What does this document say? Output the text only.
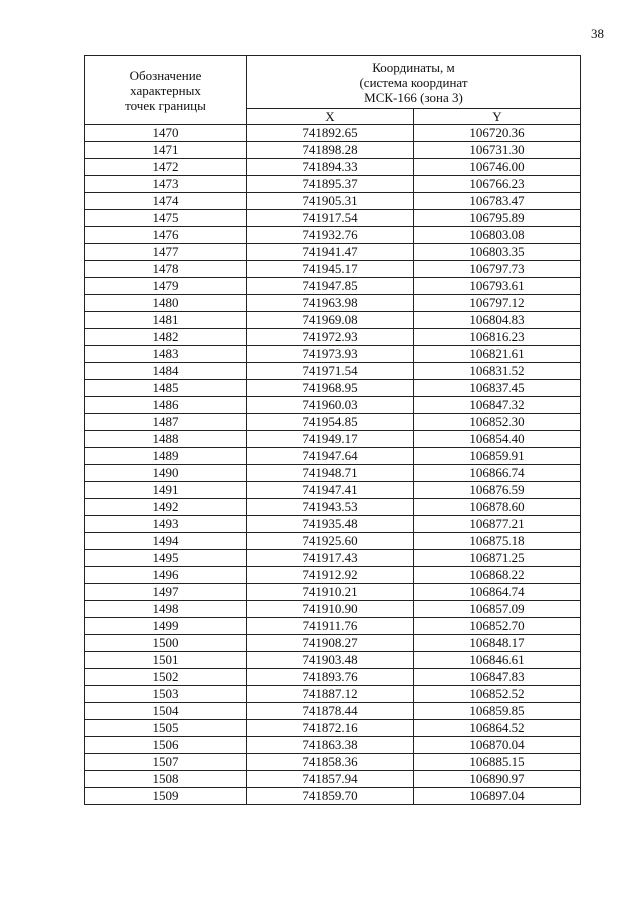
38
Обозначение
характерных
точек границы	Координаты, м
(система координат
МСК-166 (зона 3)	

	X	Y
1470	741892.65	106720.36
1471	741898.28	106731.30
1472	741894.33	106746.00
1473	741895.37	106766.23
1474	741905.31	106783.47
1475	741917.54	106795.89
1476	741932.76	106803.08
1477	741941.47	106803.35
1478	741945.17	106797.73
1479	741947.85	106793.61
1480	741963.98	106797.12
1481	741969.08	106804.83
1482	741972.93	106816.23
1483	741973.93	106821.61
1484	741971.54	106831.52
1485	741968.95	106837.45
1486	741960.03	106847.32
1487	741954.85	106852.30
1488	741949.17	106854.40
1489	741947.64	106859.91
1490	741948.71	106866.74
1491	741947.41	106876.59
1492	741943.53	106878.60
1493	741935.48	106877.21
1494	741925.60	106875.18
1495	741917.43	106871.25
1496	741912.92	106868.22
1497	741910.21	106864.74
1498	741910.90	106857.09
1499	741911.76	106852.70
1500	741908.27	106848.17
1501	741903.48	106846.61
1502	741893.76	106847.83
1503	741887.12	106852.52
1504	741878.44	106859.85
1505	741872.16	106864.52
1506	741863.38	106870.04
1507	741858.36	106885.15
1508	741857.94	106890.97
1509	741859.70	106897.04
